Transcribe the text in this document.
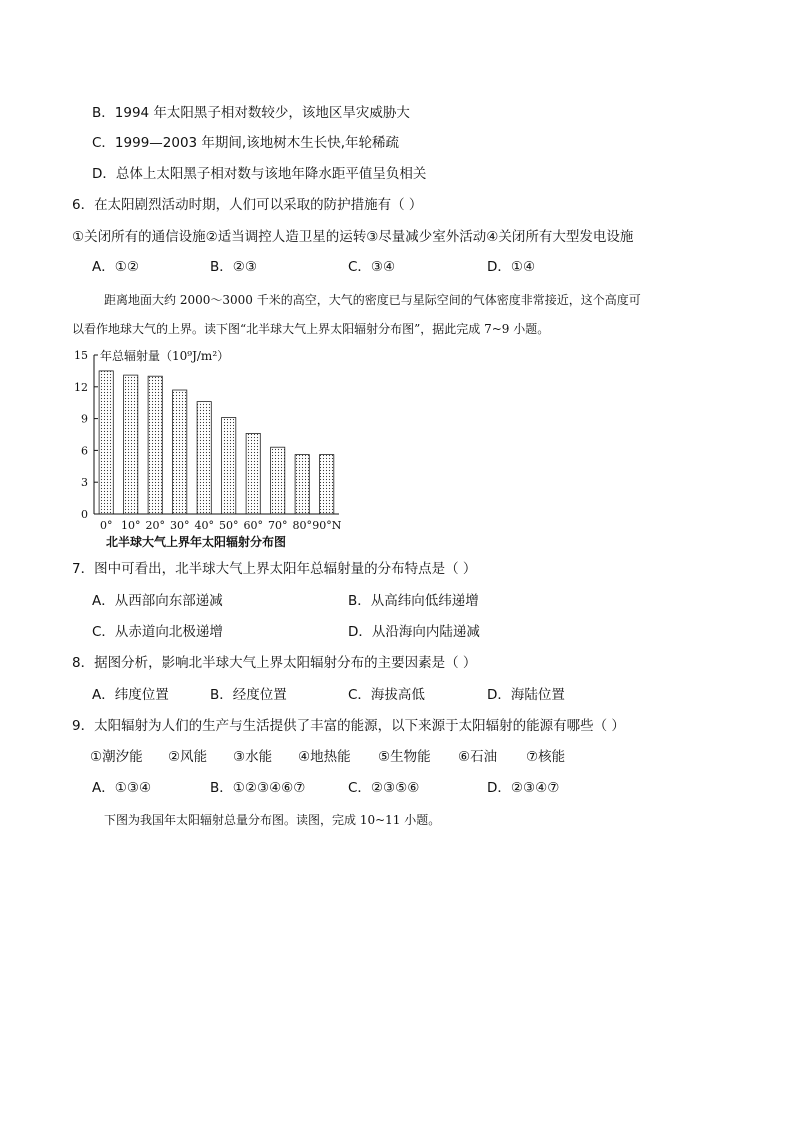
B．1994 年太阳黑子相对数较少，该地区旱灾威胁大
C．1999—2003 年期间,该地树木生长快,年轮稀疏
D．总体上太阳黑子相对数与该地年降水距平值呈负相关
6．在太阳剧烈活动时期，人们可以采取的防护措施有（ ）
①关闭所有的通信设施②适当调控人造卫星的运转③尽量减少室外活动④关闭所有大型发电设施
A．①②	B．②③	C．③④	D．①④
距离地面大约 2000～3000 千米的高空，大气的密度已与星际空间的气体密度非常接近，这个高度可
以看作地球大气的上界。读下图“北半球大气上界太阳辐射分布图”，据此完成 7~9 小题。
0° 10° 20° 30° 40° 50° 60° 70° 80° 90°N
0
3
6
9
12
15 年总辐射量（10⁹J/m²）
北半球大气上界年太阳辐射分布图
7．图中可看出，北半球大气上界太阳年总辐射量的分布特点是（ ）
A．从西部向东部递减	B．从高纬向低纬递增
C．从赤道向北极递增	D．从沿海向内陆递减
8．据图分析，影响北半球大气上界太阳辐射分布的主要因素是（ ）
A．纬度位置	B．经度位置	C．海拔高低	D．海陆位置
9．太阳辐射为人们的生产与生活提供了丰富的能源，以下来源于太阳辐射的能源有哪些（ ）
①潮汐能 ②风能 ③水能 ④地热能 ⑤生物能 ⑥石油 ⑦核能
A．①③④	B．①②③④⑥⑦	C．②③⑤⑥	D．②③④⑦
下图为我国年太阳辐射总量分布图。读图，完成 10~11 小题。
